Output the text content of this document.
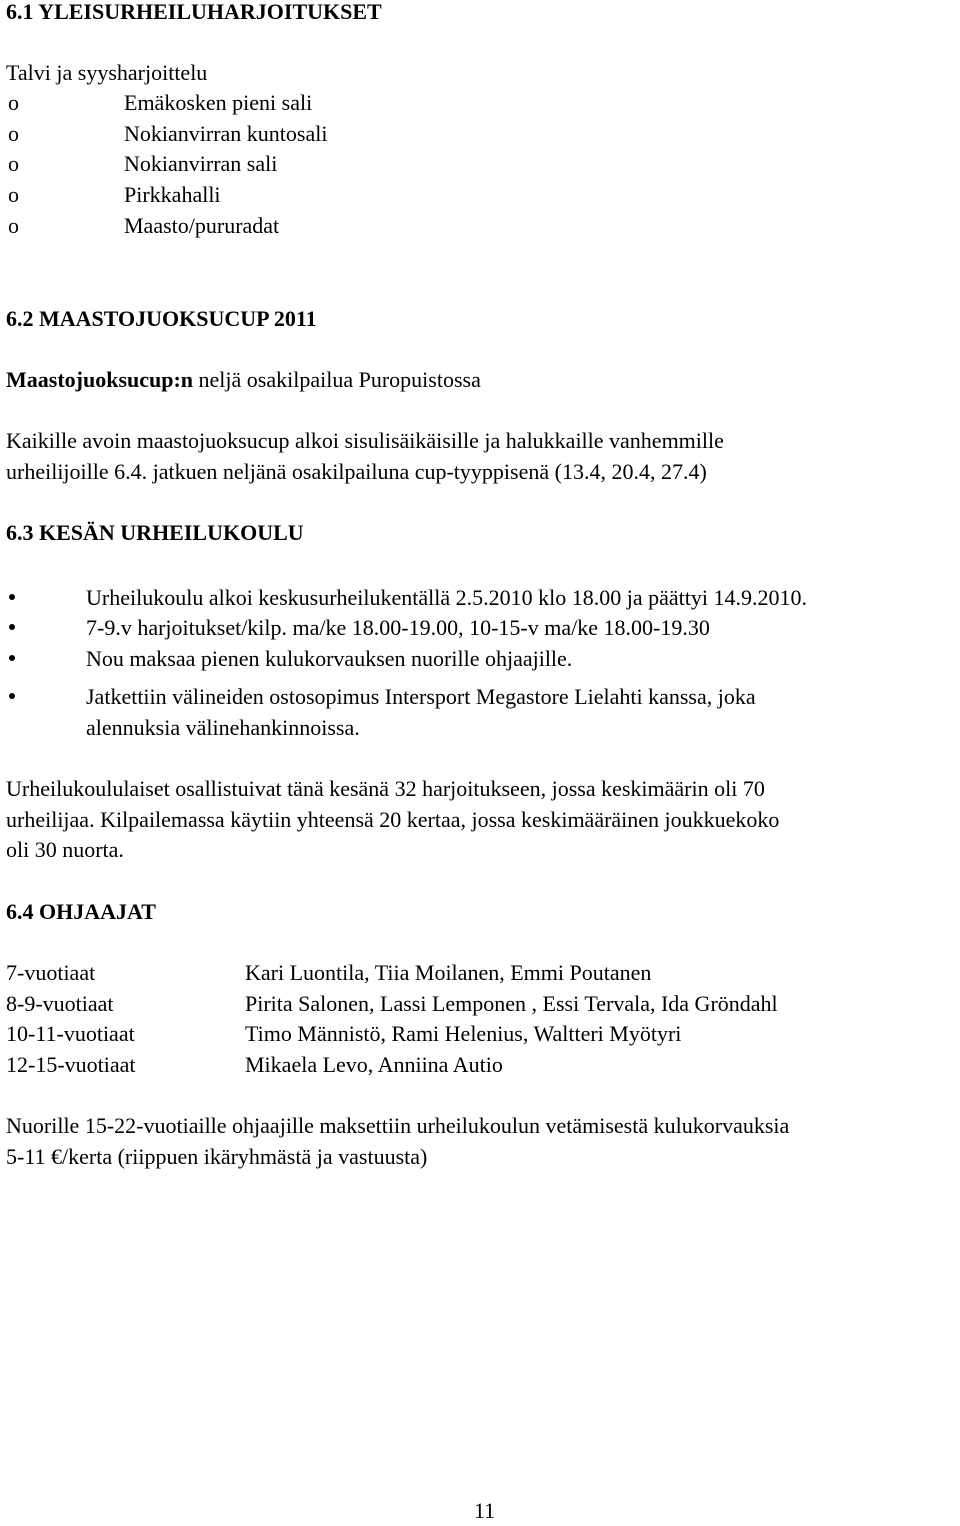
6.1 YLEISURHEILUHARJOITUKSET
Talvi ja syysharjoittelu
o	Emäkosken pieni sali
o	Nokianvirran kuntosali
o	Nokianvirran sali
o	Pirkkahalli
o	Maasto/pururadat
6.2 MAASTOJUOKSUCUP 2011
Maastojuoksucup:n neljä osakilpailua Puropuistossa
Kaikille avoin maastojuoksucup alkoi sisulisäikäisille ja halukkaille vanhemmille
urheilijoille 6.4. jatkuen neljänä osakilpailuna cup-tyyppisenä (13.4, 20.4, 27.4)
6.3 KESÄN URHEILUKOULU
Urheilukoulu alkoi keskusurheilukentällä 2.5.2010 klo 18.00 ja päättyi 14.9.2010.
7-9.v harjoitukset/kilp. ma/ke 18.00-19.00, 10-15-v ma/ke 18.00-19.30
Nou maksaa pienen kulukorvauksen nuorille ohjaajille.
Jatkettiin välineiden ostosopimus Intersport Megastore Lielahti kanssa, joka
alennuksia välinehankinnoissa.
Urheilukoululaiset osallistuivat tänä kesänä 32 harjoitukseen, jossa keskimäärin oli 70
urheilijaa. Kilpailemassa käytiin yhteensä 20 kertaa, jossa keskimääräinen joukkuekoko
oli 30 nuorta.
6.4 OHJAAJAT
7-vuotiaat	Kari Luontila, Tiia Moilanen, Emmi Poutanen
8-9-vuotiaat	Pirita Salonen, Lassi Lemponen , Essi Tervala, Ida Gröndahl
10-11-vuotiaat	Timo Männistö, Rami Helenius, Waltteri Myötyri
12-15-vuotiaat	Mikaela Levo, Anniina Autio
Nuorille 15-22-vuotiaille ohjaajille maksettiin urheilukoulun vetämisestä kulukorvauksia
5-11 €/kerta (riippuen ikäryhmästä ja vastuusta)
11
